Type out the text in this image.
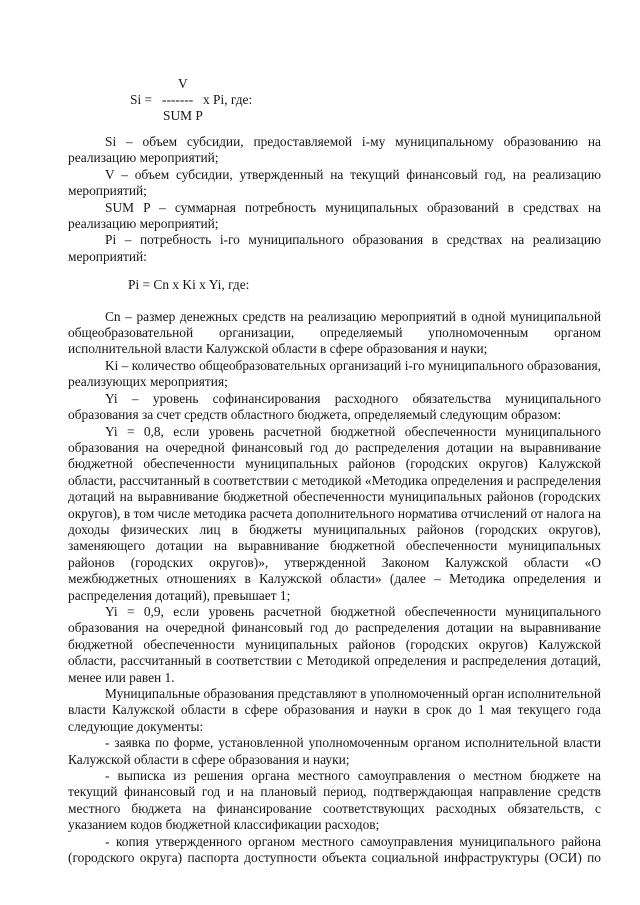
V
Si = ------- x Pi, где:
SUM P

Si – объем субсидии, предоставляемой i-му муниципальному образованию на реализацию мероприятий;

V – объем субсидии, утвержденный на текущий финансовый год, на реализацию мероприятий;

SUM P – суммарная потребность муниципальных образований в средствах на реализацию мероприятий;

Pi – потребность i-го муниципального образования в средствах на реализацию мероприятий:

Pi = Cn x Ki x Yi, где:

Cn – размер денежных средств на реализацию мероприятий в одной муниципальной общеобразовательной организации, определяемый уполномоченным органом исполнительной власти Калужской области в сфере образования и науки;

Ki – количество общеобразовательных организаций i-го муниципального образования, реализующих мероприятия;

Yi – уровень софинансирования расходного обязательства муниципального образования за счет средств областного бюджета, определяемый следующим образом:

Yi = 0,8, если уровень расчетной бюджетной обеспеченности муниципального образования на очередной финансовый год до распределения дотации на выравнивание бюджетной обеспеченности муниципальных районов (городских округов) Калужской области, рассчитанный в соответствии с методикой «Методика определения и распределения дотаций на выравнивание бюджетной обеспеченности муниципальных районов (городских округов), в том числе методика расчета дополнительного норматива отчислений от налога на доходы физических лиц в бюджеты муниципальных районов (городских округов), заменяющего дотации на выравнивание бюджетной обеспеченности муниципальных районов (городских округов)», утвержденной Законом Калужской области «О межбюджетных отношениях в Калужской области» (далее – Методика определения и распределения дотаций), превышает 1;

Yi = 0,9, если уровень расчетной бюджетной обеспеченности муниципального образования на очередной финансовый год до распределения дотации на выравнивание бюджетной обеспеченности муниципальных районов (городских округов) Калужской области, рассчитанный в соответствии с Методикой определения и распределения дотаций, менее или равен 1.

Муниципальные образования представляют в уполномоченный орган исполнительной власти Калужской области в сфере образования и науки в срок до 1 мая текущего года следующие документы:

- заявка по форме, установленной уполномоченным органом исполнительной власти Калужской области в сфере образования и науки;

- выписка из решения органа местного самоуправления о местном бюджете на текущий финансовый год и на плановый период, подтверждающая направление средств местного бюджета на финансирование соответствующих расходных обязательств, с указанием кодов бюджетной классификации расходов;

- копия утвержденного органом местного самоуправления муниципального района (городского округа) паспорта доступности объекта социальной инфраструктуры (ОСИ) по
